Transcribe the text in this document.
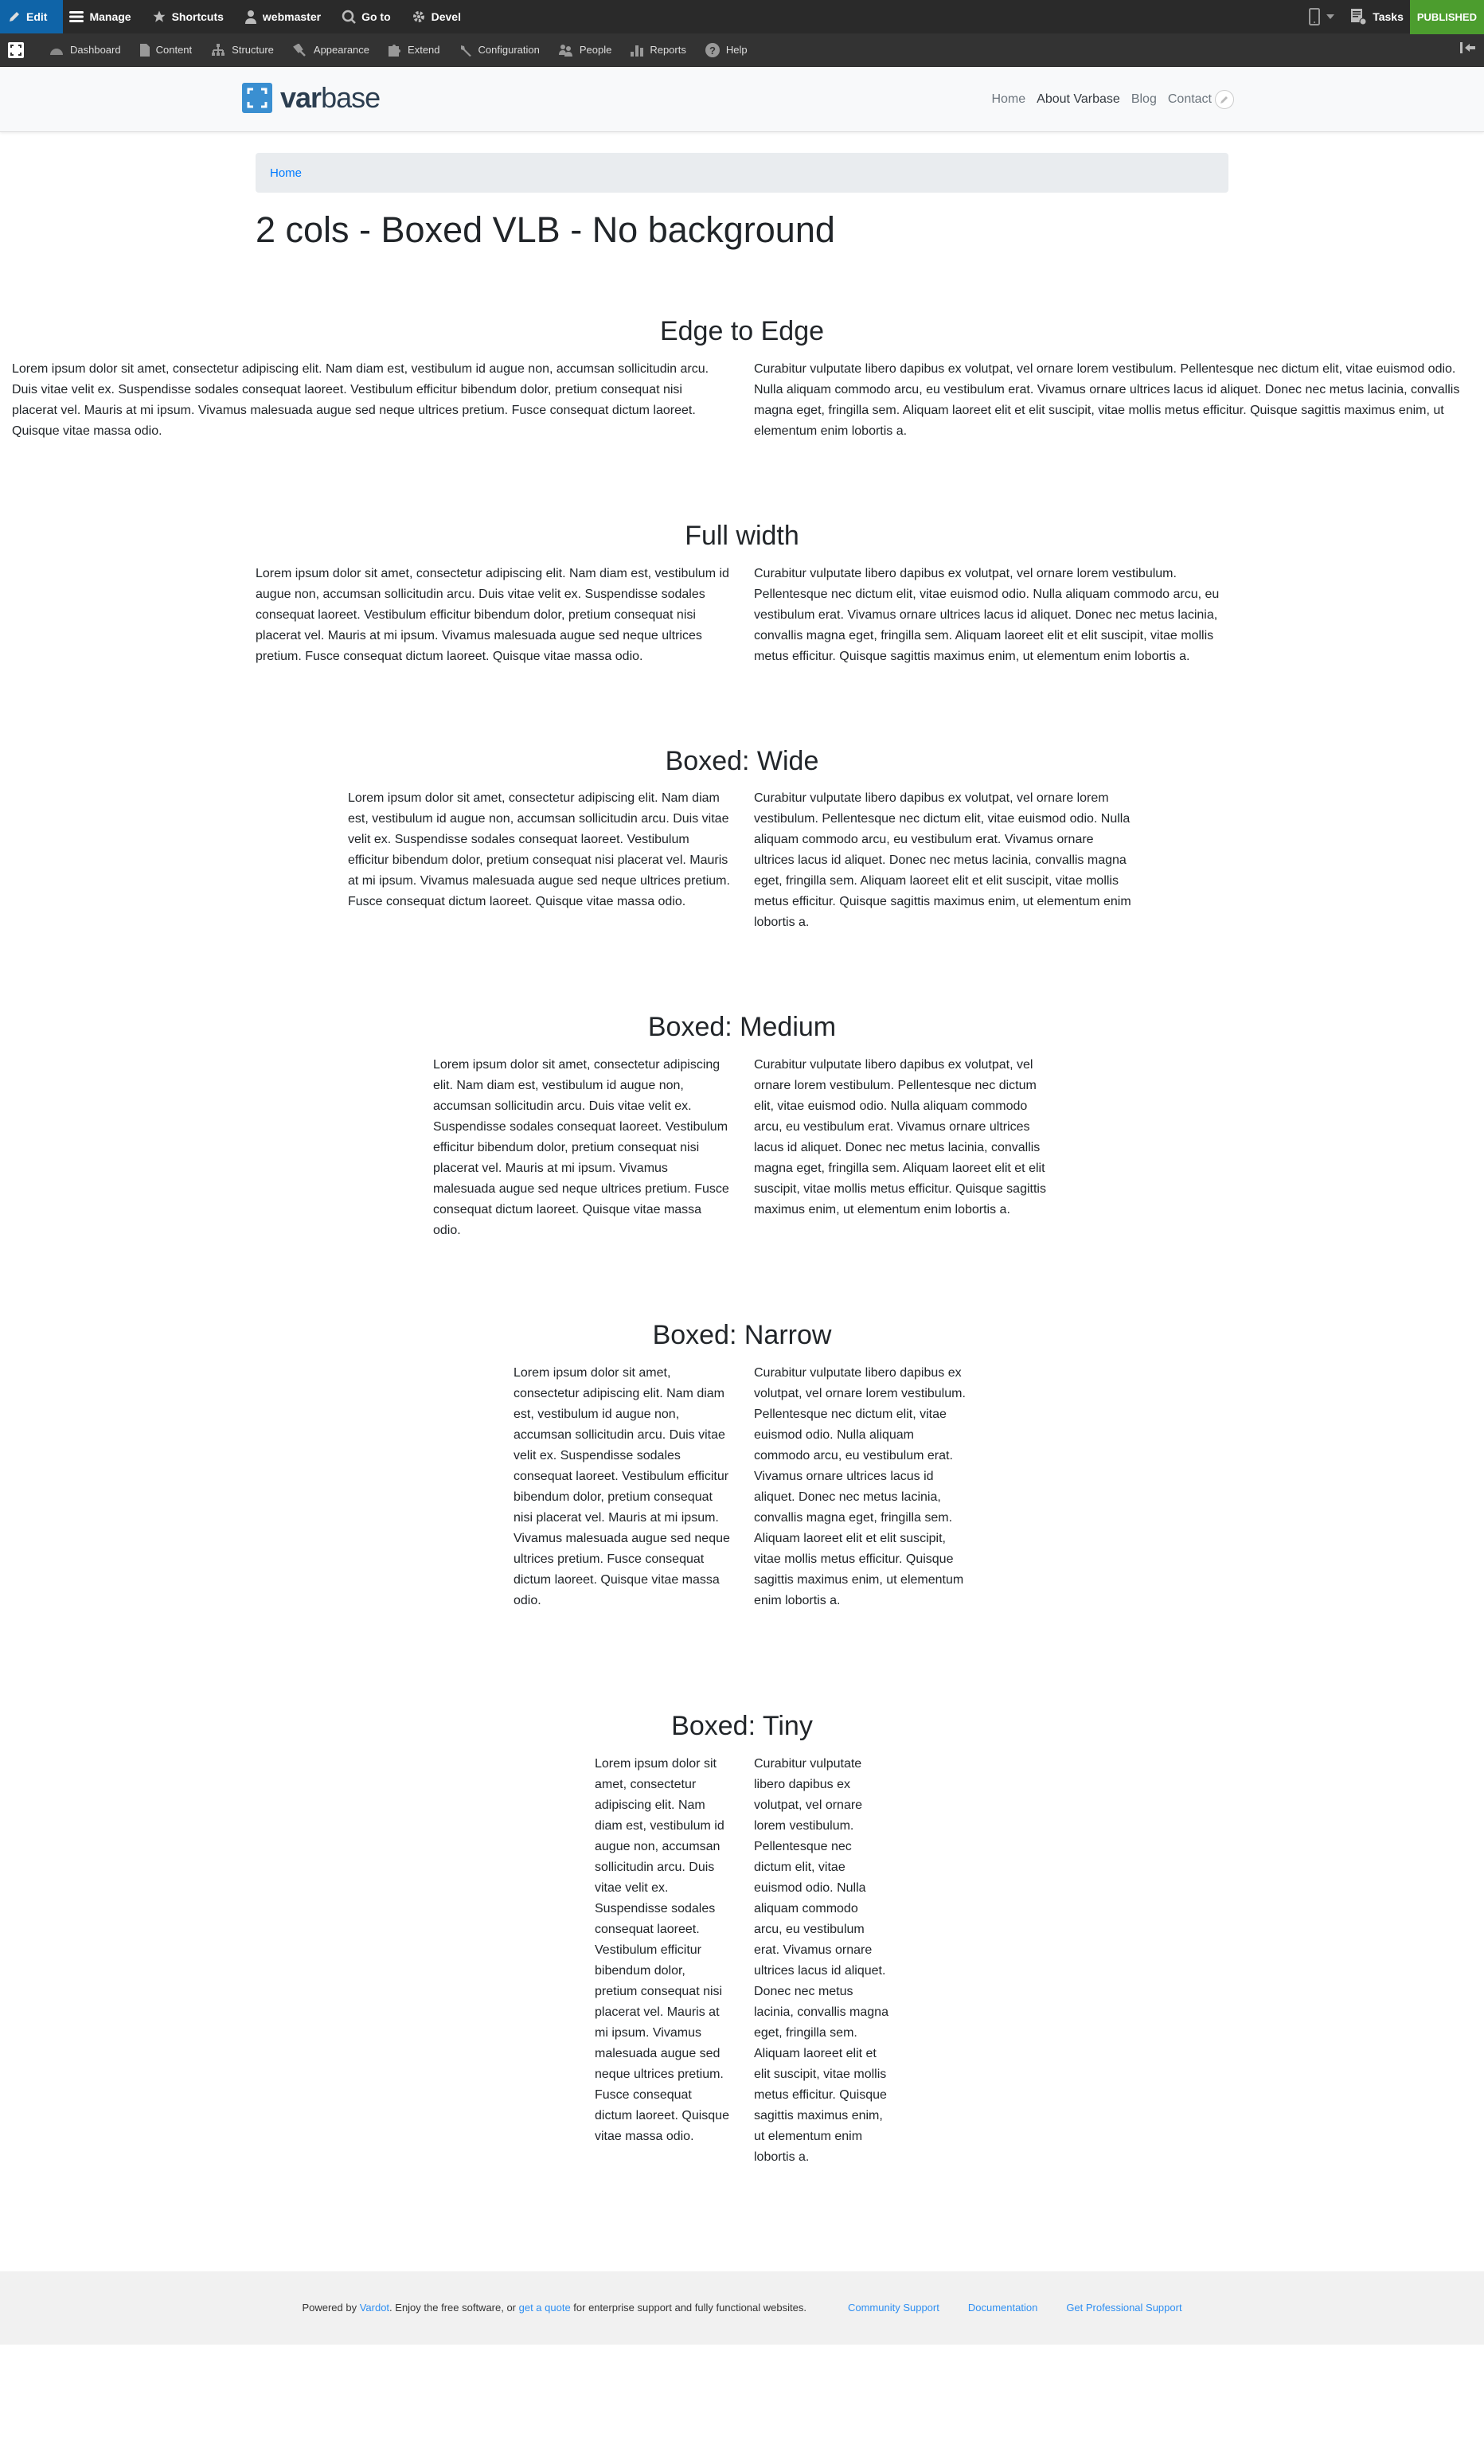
Edit	Manage	Shortcuts	webmaster	Go to	Devel	Tasks	PUBLISHED
Dashboard	Content	Structure	Appearance	Extend	Configuration	People	Reports ? Help
varbase	Home About Varbase Blog Contact
Home
2 cols - Boxed VLB - No background
Edge to Edge

Lorem ipsum dolor sit amet, consectetur adipiscing elit. Nam diam est, vestibulum id augue non, accumsan sollicitudin arcu. Duis vitae velit ex. Suspendisse sodales consequat laoreet. Vestibulum efficitur bibendum dolor, pretium consequat nisi placerat vel. Mauris at mi ipsum. Vivamus malesuada augue sed neque ultrices pretium. Fusce consequat dictum laoreet. Quisque vitae massa odio.

Curabitur vulputate libero dapibus ex volutpat, vel ornare lorem vestibulum. Pellentesque nec dictum elit, vitae euismod odio. Nulla aliquam commodo arcu, eu vestibulum erat. Vivamus ornare ultrices lacus id aliquet. Donec nec metus lacinia, convallis magna eget, fringilla sem. Aliquam laoreet elit et elit suscipit, vitae mollis metus efficitur. Quisque sagittis maximus enim, ut elementum enim lobortis a.

Full width

Lorem ipsum dolor sit amet, consectetur adipiscing elit. Nam diam est, vestibulum id augue non, accumsan sollicitudin arcu. Duis vitae velit ex. Suspendisse sodales consequat laoreet. Vestibulum efficitur bibendum dolor, pretium consequat nisi placerat vel. Mauris at mi ipsum. Vivamus malesuada augue sed neque ultrices pretium. Fusce consequat dictum laoreet. Quisque vitae massa odio.

Curabitur vulputate libero dapibus ex volutpat, vel ornare lorem vestibulum. Pellentesque nec dictum elit, vitae euismod odio. Nulla aliquam commodo arcu, eu vestibulum erat. Vivamus ornare ultrices lacus id aliquet. Donec nec metus lacinia, convallis magna eget, fringilla sem. Aliquam laoreet elit et elit suscipit, vitae mollis metus efficitur. Quisque sagittis maximus enim, ut elementum enim lobortis a.

Boxed: Wide

Lorem ipsum dolor sit amet, consectetur adipiscing elit. Nam diam est, vestibulum id augue non, accumsan sollicitudin arcu. Duis vitae velit ex. Suspendisse sodales consequat laoreet. Vestibulum efficitur bibendum dolor, pretium consequat nisi placerat vel. Mauris at mi ipsum. Vivamus malesuada augue sed neque ultrices pretium. Fusce consequat dictum laoreet. Quisque vitae massa odio.

Curabitur vulputate libero dapibus ex volutpat, vel ornare lorem vestibulum. Pellentesque nec dictum elit, vitae euismod odio. Nulla aliquam commodo arcu, eu vestibulum erat. Vivamus ornare ultrices lacus id aliquet. Donec nec metus lacinia, convallis magna eget, fringilla sem. Aliquam laoreet elit et elit suscipit, vitae mollis metus efficitur. Quisque sagittis maximus enim, ut elementum enim lobortis a.

Boxed: Medium

Lorem ipsum dolor sit amet, consectetur adipiscing elit. Nam diam est, vestibulum id augue non, accumsan sollicitudin arcu. Duis vitae velit ex. Suspendisse sodales consequat laoreet. Vestibulum efficitur bibendum dolor, pretium consequat nisi placerat vel. Mauris at mi ipsum. Vivamus malesuada augue sed neque ultrices pretium. Fusce consequat dictum laoreet. Quisque vitae massa odio.

Curabitur vulputate libero dapibus ex volutpat, vel ornare lorem vestibulum. Pellentesque nec dictum elit, vitae euismod odio. Nulla aliquam commodo arcu, eu vestibulum erat. Vivamus ornare ultrices lacus id aliquet. Donec nec metus lacinia, convallis magna eget, fringilla sem. Aliquam laoreet elit et elit suscipit, vitae mollis metus efficitur. Quisque sagittis maximus enim, ut elementum enim lobortis a.

Boxed: Narrow

Lorem ipsum dolor sit amet, consectetur adipiscing elit. Nam diam est, vestibulum id augue non, accumsan sollicitudin arcu. Duis vitae velit ex. Suspendisse sodales consequat laoreet. Vestibulum efficitur bibendum dolor, pretium consequat nisi placerat vel. Mauris at mi ipsum. Vivamus malesuada augue sed neque ultrices pretium. Fusce consequat dictum laoreet. Quisque vitae massa odio.

Curabitur vulputate libero dapibus ex volutpat, vel ornare lorem vestibulum. Pellentesque nec dictum elit, vitae euismod odio. Nulla aliquam commodo arcu, eu vestibulum erat. Vivamus ornare ultrices lacus id aliquet. Donec nec metus lacinia, convallis magna eget, fringilla sem. Aliquam laoreet elit et elit suscipit, vitae mollis metus efficitur. Quisque sagittis maximus enim, ut elementum enim lobortis a.

Boxed: Tiny

Lorem ipsum dolor sit amet, consectetur adipiscing elit. Nam diam est, vestibulum id augue non, accumsan sollicitudin arcu. Duis vitae velit ex. Suspendisse sodales consequat laoreet. Vestibulum efficitur bibendum dolor, pretium consequat nisi placerat vel. Mauris at mi ipsum. Vivamus malesuada augue sed neque ultrices pretium. Fusce consequat dictum laoreet. Quisque vitae massa odio.

Curabitur vulputate libero dapibus ex volutpat, vel ornare lorem vestibulum. Pellentesque nec dictum elit, vitae euismod odio. Nulla aliquam commodo arcu, eu vestibulum erat. Vivamus ornare ultrices lacus id aliquet. Donec nec metus lacinia, convallis magna eget, fringilla sem. Aliquam laoreet elit et elit suscipit, vitae mollis metus efficitur. Quisque sagittis maximus enim, ut elementum enim lobortis a.

Powered by Vardot. Enjoy the free software, or get a quote for enterprise support and fully functional websites.	Community Support	Documentation	Get Professional Support
